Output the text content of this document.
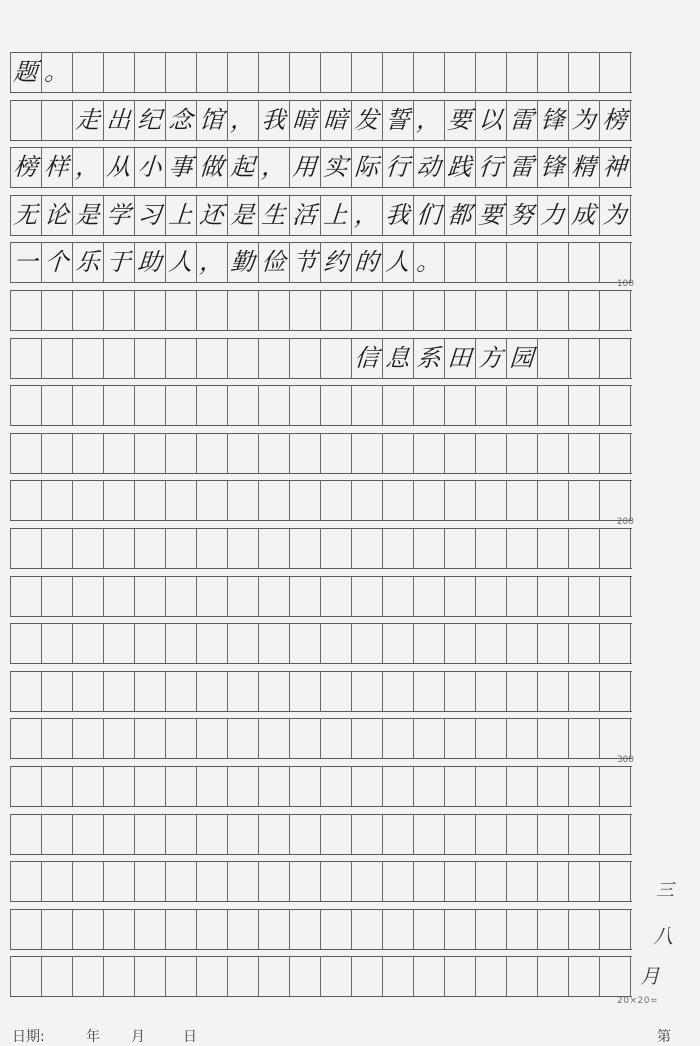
题 。
走 出 纪 念 馆 ， 我 暗 暗 发 誓 ， 要 以 雷 锋 为 榜
榜 样 ， 从 小 事 做 起 ， 用 实 际 行 动 践 行 雷 锋 精 神
无 论 是 学 习 上 还 是 生 活 上 ， 我 们 都 要 努 力 成 为
一 个 乐 于 助 人 ， 勤 俭 节 约 的 人 。
信 息 系 田 方 园
100
200
300
三
八
月
日期:	年 月	日	第
20×20=
